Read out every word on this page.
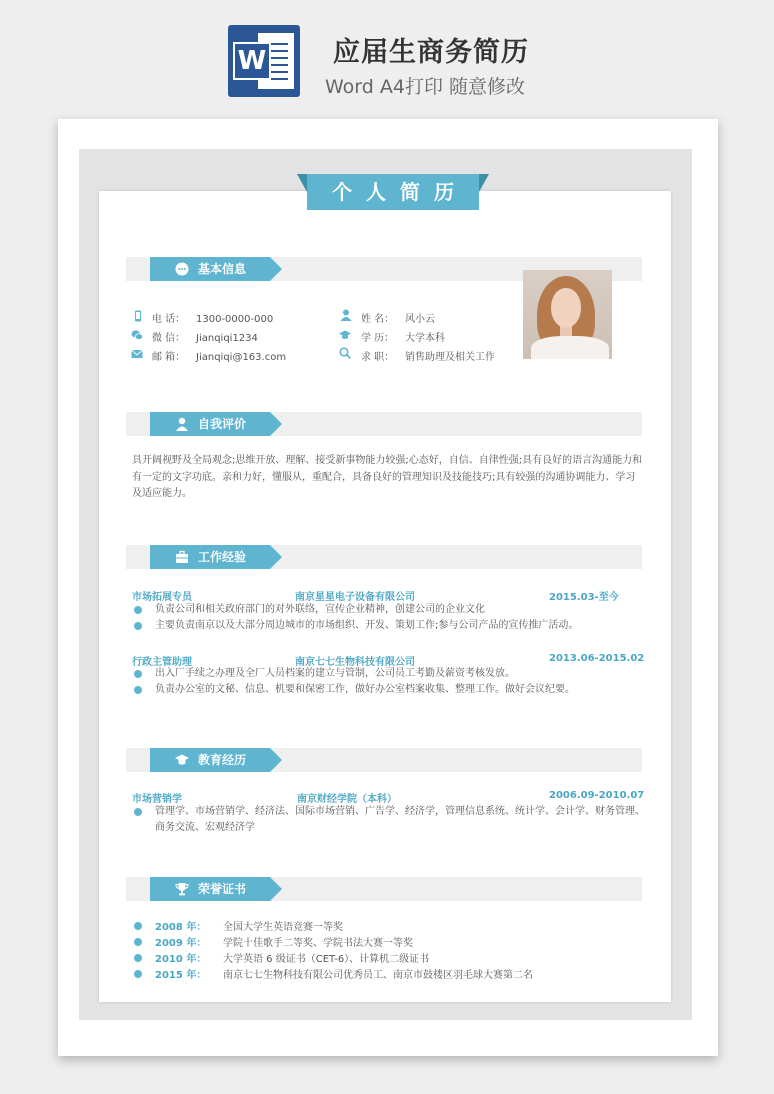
W 应届生商务简历
Word A4打印 随意修改
个人简历
基本信息
电 话： 1300-0000-000
微 信： Jianqiqi1234
邮 箱： Jianqiqi@163.com
姓 名： 风小云
学 历： 大学本科
求 职： 销售助理及相关工作
自我评价
具开阔视野及全局观念;思维开放、理解、接受新事物能力较强;心态好，自信、自律性强;具有良好的语言沟通能力和有一定的文字功底。亲和力好，懂服从，重配合，具备良好的管理知识及技能技巧;具有较强的沟通协调能力、学习及适应能力。
工作经验
市场拓展专员	南京星星电子设备有限公司	2015.03-至今
负责公司和相关政府部门的对外联络，宣传企业精神，创建公司的企业文化
主要负责南京以及大部分周边城市的市场组织、开发、策划工作;参与公司产品的宣传推广活动。
行政主管助理	南京七七生物科技有限公司	2013.06-2015.02
出入厂手续之办理及全厂人员档案的建立与管制，公司员工考勤及薪资考核发放。
负责办公室的文秘、信息、机要和保密工作，做好办公室档案收集、整理工作。做好会议纪要。
教育经历
市场营销学	南京财经学院（本科）	2006.09-2010.07
管理学、市场营销学、经济法、国际市场营销、广告学、经济学，管理信息系统、统计学、会计学、财务管理、商务交流、宏观经济学
荣誉证书
2008 年： 全国大学生英语竞赛一等奖
2009 年： 学院十佳歌手二等奖、学院书法大赛一等奖
2010 年： 大学英语 6 级证书（CET-6）、计算机二级证书
2015 年： 南京七七生物科技有限公司优秀员工、南京市鼓楼区羽毛球大赛第二名
